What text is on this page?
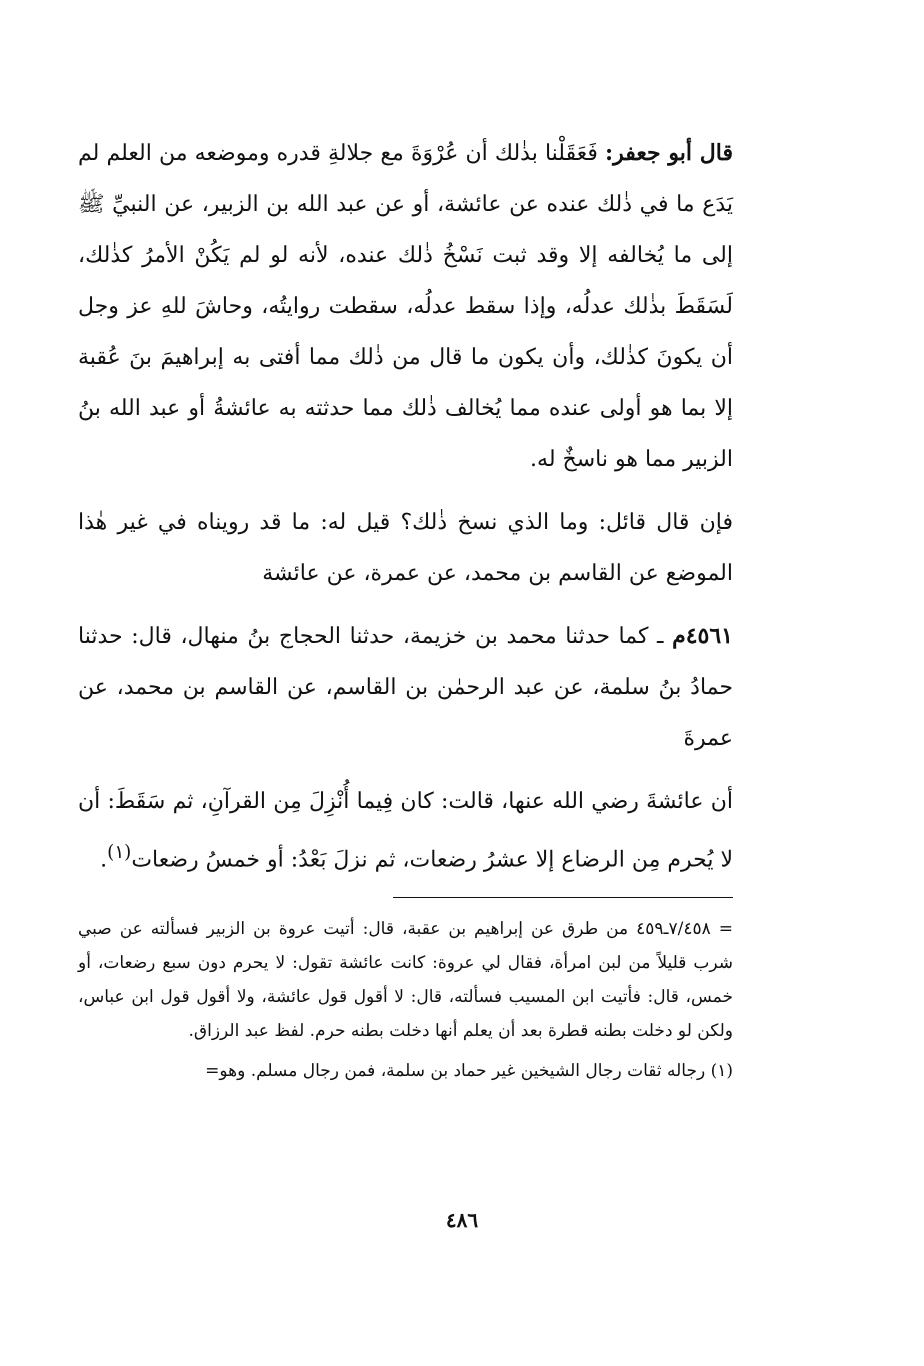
قال أبو جعفر: فَعَقَلْنا بذٰلك أن عُرْوَةَ مع جلالةِ قدره وموضعه من العلم لم يَدَع ما في ذٰلك عنده عن عائشة، أو عن عبد الله بن الزبير، عن النبيِّ ﷺ إلى ما يُخالفه إلا وقد ثبت نَسْخُ ذٰلك عنده، لأنه لو لم يَكُنْ الأمرُ كذٰلك، لَسَقَطَ بذٰلك عدلُه، وإذا سقط عدلُه، سقطت روايتُه، وحاشَ للهِ عز وجل أن يكونَ كذٰلك، وأن يكون ما قال من ذٰلك مما أفتى به إبراهيمَ بنَ عُقبة إلا بما هو أولى عنده مما يُخالف ذٰلك مما حدثته به عائشةُ أو عبد الله بنُ الزبير مما هو ناسخٌ له.

فإن قال قائل: وما الذي نسخ ذٰلك؟ قيل له: ما قد رويناه في غير هٰذا الموضع عن القاسم بن محمد، عن عمرة، عن عائشة

٤٥٦١م ـ كما حدثنا محمد بن خزيمة، حدثنا الحجاج بنُ منهال، قال: حدثنا حمادُ بنُ سلمة، عن عبد الرحمٰن بن القاسم، عن القاسم بن محمد، عن عمرةَ

أن عائشةَ رضي الله عنها، قالت: كان فِيما أُنْزِلَ مِن القرآنِ، ثم سَقَطَ: أن لا يُحرم مِن الرضاع إلا عشرُ رضعات، ثم نزلَ بَعْدُ: أو خمسُ رضعات$^{(١)}$.

= ٧/٤٥٨ـ٤٥٩ من طرق عن إبراهيم بن عقبة، قال: أتيت عروة بن الزبير فسألته عن صبي شرب قليلاً من لبن امرأة، فقال لي عروة: كانت عائشة تقول: لا يحرم دون سبع رضعات، أو خمس، قال: فأتيت ابن المسيب فسألته، قال: لا أقول قول عائشة، ولا أقول قول ابن عباس، ولكن لو دخلت بطنه قطرة بعد أن يعلم أنها دخلت بطنه حرم. لفظ عبد الرزاق.

(١) رجاله ثقات رجال الشيخين غير حماد بن سلمة، فمن رجال مسلم. وهو=

٤٨٦
